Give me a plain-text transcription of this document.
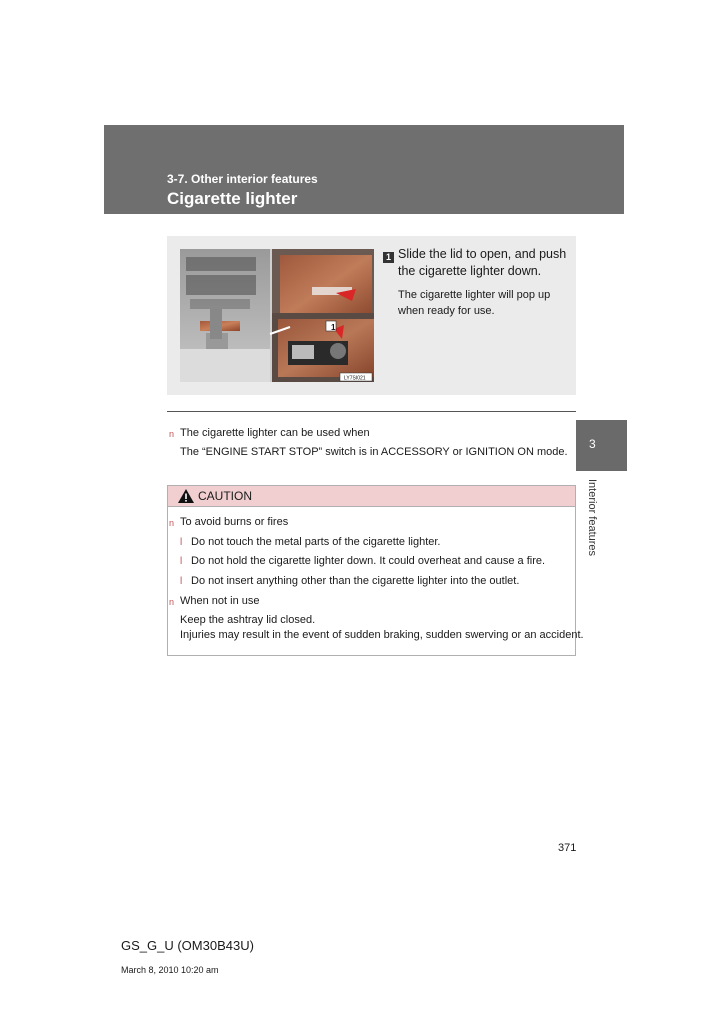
3-7. Other interior features
Cigarette lighter
3
Interior features
1
LY7SI021
1 Slide the lid to open, and push the cigarette lighter down.
The cigarette lighter will pop up when ready for use.
n The cigarette lighter can be used when
The “ENGINE START STOP” switch is in ACCESSORY or IGNITION ON mode.
CAUTION
n To avoid burns or fires
l Do not touch the metal parts of the cigarette lighter.
l Do not hold the cigarette lighter down. It could overheat and cause a fire.
l Do not insert anything other than the cigarette lighter into the outlet.
n When not in use
Keep the ashtray lid closed.
Injuries may result in the event of sudden braking, sudden swerving or an accident.
371
GS_G_U (OM30B43U)
March 8, 2010 10:20 am
